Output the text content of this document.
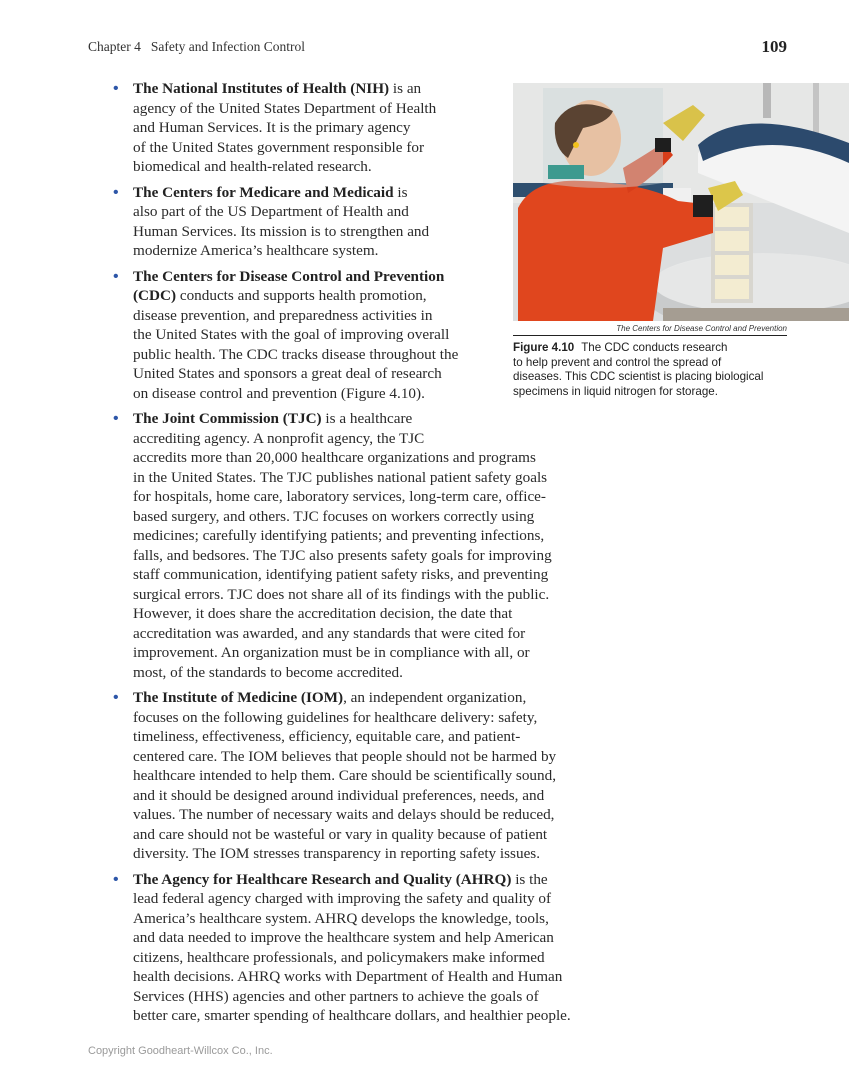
Chapter 4 Safety and Infection Control	109
• The National Institutes of Health (NIH) is an
agency of the United States Department of Health
and Human Services. It is the primary agency
of the United States government responsible for
biomedical and health-related research.
• The Centers for Medicare and Medicaid is
also part of the US Department of Health and
Human Services. Its mission is to strengthen and
modernize America’s healthcare system.
• The Centers for Disease Control and Prevention
(CDC) conducts and supports health promotion,
disease prevention, and preparedness activities in
the United States with the goal of improving overall
public health. The CDC tracks disease throughout the
United States and sponsors a great deal of research
on disease control and prevention (Figure 4.10).
• The Joint Commission (TJC) is a healthcare
accrediting agency. A nonprofit agency, the TJC
accredits more than 20,000 healthcare organizations and programs
in the United States. The TJC publishes national patient safety goals
for hospitals, home care, laboratory services, long-term care, office-
based surgery, and others. TJC focuses on workers correctly using
medicines; carefully identifying patients; and preventing infections,
falls, and bedsores. The TJC also presents safety goals for improving
staff communication, identifying patient safety risks, and preventing
surgical errors. TJC does not share all of its findings with the public.
However, it does share the accreditation decision, the date that
accreditation was awarded, and any standards that were cited for
improvement. An organization must be in compliance with all, or
most, of the standards to become accredited.
• The Institute of Medicine (IOM), an independent organization,
focuses on the following guidelines for healthcare delivery: safety,
timeliness, effectiveness, efficiency, equitable care, and patient-
centered care. The IOM believes that people should not be harmed by
healthcare intended to help them. Care should be scientifically sound,
and it should be designed around individual preferences, needs, and
values. The number of necessary waits and delays should be reduced,
and care should not be wasteful or vary in quality because of patient
diversity. The IOM stresses transparency in reporting safety issues.
• The Agency for Healthcare Research and Quality (AHRQ) is the
lead federal agency charged with improving the safety and quality of
America’s healthcare system. AHRQ develops the knowledge, tools,
and data needed to improve the healthcare system and help American
citizens, healthcare professionals, and policymakers make informed
health decisions. AHRQ works with Department of Health and Human
Services (HHS) agencies and other partners to achieve the goals of
better care, smarter spending of healthcare dollars, and healthier people.
The Centers for Disease Control and Prevention
Figure 4.10 The CDC conducts research
to help prevent and control the spread of
diseases. This CDC scientist is placing biological
specimens in liquid nitrogen for storage.
Copyright Goodheart-Willcox Co., Inc.
